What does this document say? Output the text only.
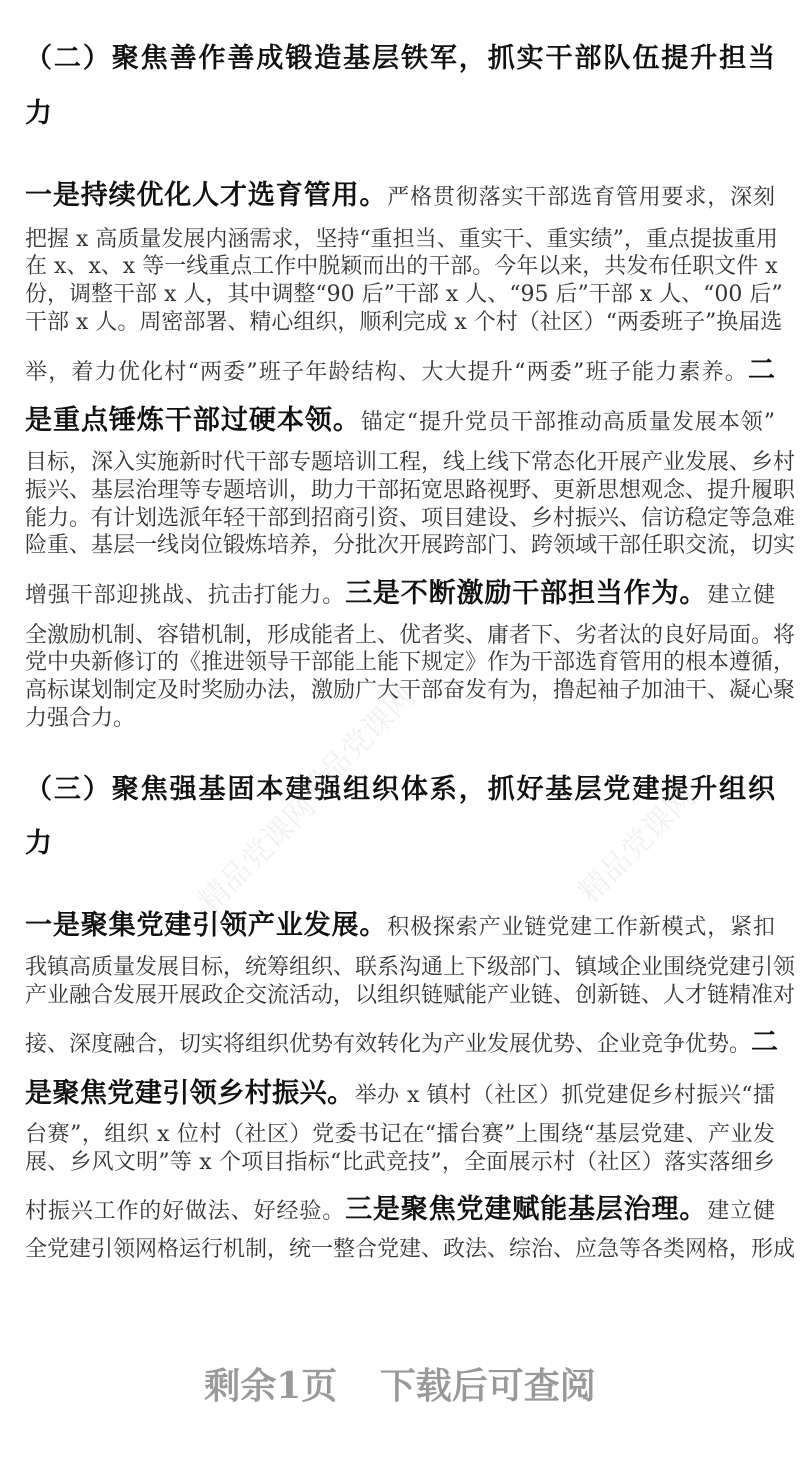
（二）聚焦善作善成锻造基层铁军，抓实干部队伍提升担当
力
一是持续优化人才选育管用。严格贯彻落实干部选育管用要求，深刻
把握 x 高质量发展内涵需求，坚持“重担当、重实干、重实绩”，重点提拔重用
在 x、x、x 等一线重点工作中脱颖而出的干部。今年以来，共发布任职文件 x
份，调整干部 x 人，其中调整“90 后”干部 x 人、“95 后”干部 x 人、“00 后”
干部 x 人。周密部署、精心组织，顺利完成 x 个村（社区）“两委班子”换届选
举，着力优化村“两委”班子年龄结构、大大提升“两委”班子能力素养。二
是重点锤炼干部过硬本领。锚定“提升党员干部推动高质量发展本领”
目标，深入实施新时代干部专题培训工程，线上线下常态化开展产业发展、乡村
振兴、基层治理等专题培训，助力干部拓宽思路视野、更新思想观念、提升履职
能力。有计划选派年轻干部到招商引资、项目建设、乡村振兴、信访稳定等急难
险重、基层一线岗位锻炼培养，分批次开展跨部门、跨领域干部任职交流，切实
增强干部迎挑战、抗击打能力。三是不断激励干部担当作为。建立健
全激励机制、容错机制，形成能者上、优者奖、庸者下、劣者汰的良好局面。将
党中央新修订的《推进领导干部能上能下规定》作为干部选育管用的根本遵循，
高标谋划制定及时奖励办法，激励广大干部奋发有为，撸起袖子加油干、凝心聚
力强合力。
（三）聚焦强基固本建强组织体系，抓好基层党建提升组织
力
一是聚集党建引领产业发展。积极探索产业链党建工作新模式，紧扣
我镇高质量发展目标，统筹组织、联系沟通上下级部门、镇域企业围绕党建引领
产业融合发展开展政企交流活动，以组织链赋能产业链、创新链、人才链精准对
接、深度融合，切实将组织优势有效转化为产业发展优势、企业竞争优势。二
是聚焦党建引领乡村振兴。举办 x 镇村（社区）抓党建促乡村振兴“擂
台赛”，组织 x 位村（社区）党委书记在“擂台赛”上围绕“基层党建、产业发
展、乡风文明”等 x 个项目指标“比武竞技”，全面展示村（社区）落实落细乡
村振兴工作的好做法、好经验。三是聚焦党建赋能基层治理。建立健
全党建引领网格运行机制，统一整合党建、政法、综治、应急等各类网格，形成
精品党课网
精品党课网	精品党课网
剩余1页 下载后可查阅
